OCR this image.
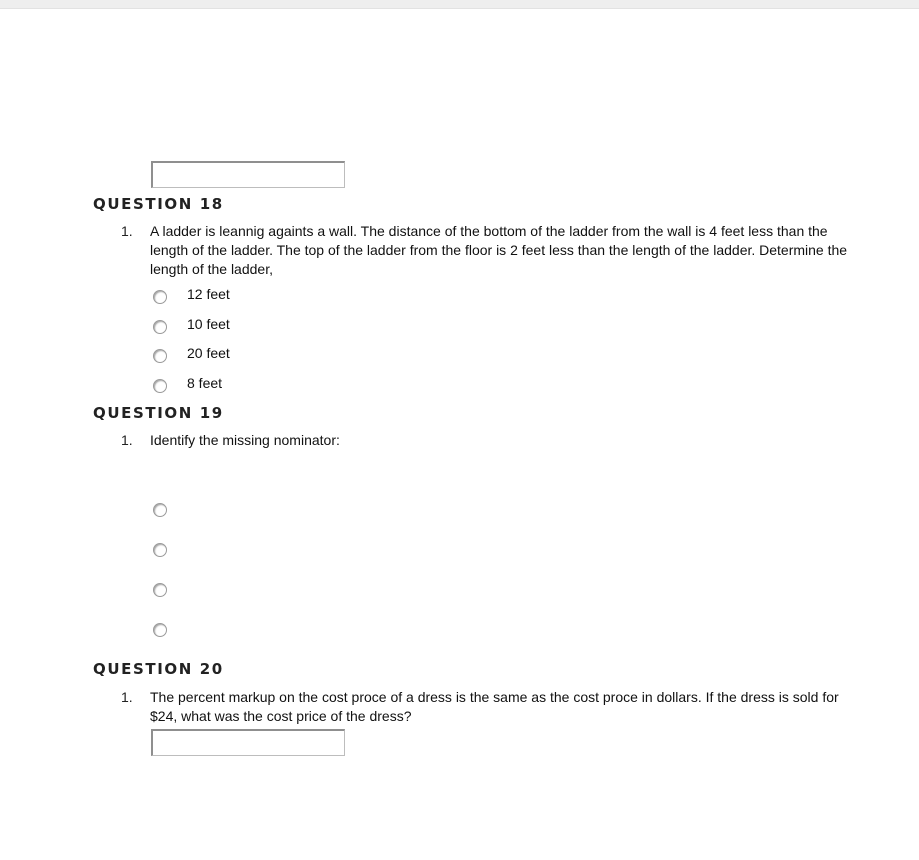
QUESTION 18
1. A ladder is leannig againts a wall. The distance of the bottom of the ladder from the wall is 4 feet less than the length of the ladder. The top of the ladder from the floor is 2 feet less than the length of the ladder. Determine the length of the ladder,
12 feet
10 feet
20 feet
8 feet
QUESTION 19
1. Identify the missing nominator:
QUESTION 20
1. The percent markup on the cost proce of a dress is the same as the cost proce in dollars. If the dress is sold for $24, what was the cost price of the dress?
